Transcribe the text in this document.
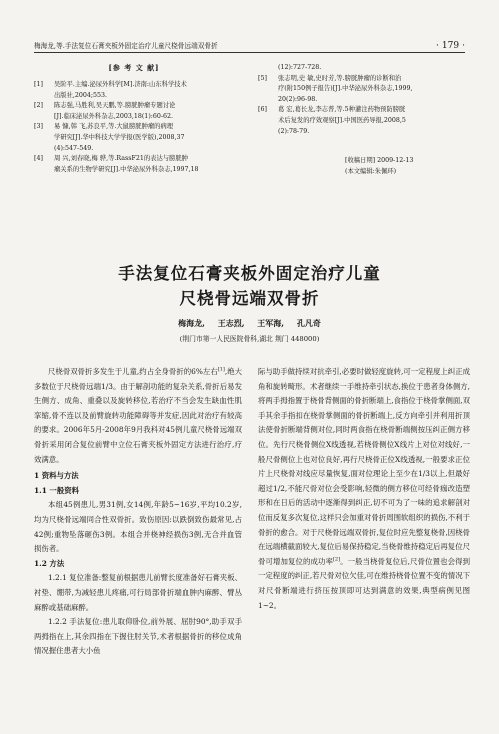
梅海龙,等.手法复位石膏夹板外固定治疗儿童尺桡骨远端双骨折	· 179 ·
[参 考 文 献]
[1]	吴阶平.主编.泌尿外科学[M].济南:山东科学技术
出版社,2004;553.
[2]	陈志强,马胜利,吴天鹏,等.膀胱肿瘤专题讨论
[J].临床泌尿外科杂志,2003,18(1):60-62.
[3]	易 慷,韩 飞,苏良平,等.大鼠膀胱肿瘤的病理
学研究[J].华中科技大学学报(医学版),2008,37
(4):547-549.
[4]	周 兴,刘春晓,梅 骅,等.RassF21的表达与膀胱肿
瘤关系的生物学研究[J].中华泌尿外科杂志,1997,18
(12):727-728.
[5]	张志明,史 敏,史时芳,等.膀胱肿瘤的诊断和治
疗(附150例子报告)[J].中华泌尿外科杂志,1999,
20(2):96-98.
[6]	葛 宏,葛长龙,李志普,等.5种灌注药物预防膀胱
术后复发的疗效观察[J].中国医药导报,2008,5
(2):78-79.
[收稿日期] 2009-12-13
(本文编辑:朱佩环)
手法复位石膏夹板外固定治疗儿童
尺桡骨远端双骨折
梅海龙, 王志烈, 王军海, 孔凡奇
(荆门市第一人民医院骨科,湖北 荆门 448000)

尺桡骨双骨折多发生于儿童,约占全身骨折的6%左右[1],绝大多数位于尺桡骨远端1/3。由于解剖功能的复杂关系,骨折后易发生侧方、成角、重叠以及旋转移位,若治疗不当会发生缺血性肌挛缩,骨不连以及前臂旋转功能障碍等并发症,因此对治疗有较高的要求。2006年5月-2008年9月我科对45例儿童尺桡骨远端双骨折采用闭合复位前臂中立位石膏夹板外固定方法进行治疗,疗效满意。

1 资料与方法

1.1 一般资料

本组45例患儿,男31例,女14例,年龄5~16岁,平均10.2岁,均为尺桡骨远端同合性双骨折。致伤原因:以跌倒致伤最常见,占42例;重物坠落砸伤3例。本组合并桡神经损伤3例,无合并血管损伤者。

1.2 方法

1.2.1 复位准备:整复前根据患儿前臂长度准备好石膏夹板、衬垫、绷带,为减轻患儿疼痛,可行局部骨折端血肿内麻醉、臂丛麻醉或基础麻醉。

1.2.2 手法复位:患儿取仰卧位,前外展、屈肘90°,助手双手两拇指在上,其余四指在下握住肘关节,术者根据骨折的移位成角情况握住患者大小鱼

际与助手做持续对抗牵引,必要时做轻度旋转,可一定程度上纠正成角和旋转畸形。术者继续一手维持牵引状态,换位于患者身体侧方,将两手拇指置于桡骨背侧面的骨折断端上,食指位于桡骨掌侧面,双手其余手指扣在桡骨掌侧面的骨折断端上,反方向牵引并利用折顶法使骨折断端背侧对位,同时两食指在桡骨断端侧按压纠正侧方移位。先行尺桡骨侧位X线透视,若桡骨侧位X线片上对位对线好,一般尺骨侧位上也对位良好,再行尺桡骨正位X线透视,一般要求正位片上尺桡骨对线应尽量恢复,面对位理论上至少在1/3以上,但最好超过1/2,不能尺骨对位会受影响,轻微的侧方移位可经骨痂改造塑形和在日后的活动中逐渐得到纠正,切不可为了一味的追求解剖对位而反复多次复位,这样只会加重对骨折周围软组织的损伤,不利于骨折的愈合。对于尺桡骨远端双骨折,复位时应先整复桡骨,因桡骨在远端横截面较大,复位后易保持稳定,当桡骨维持稳定后再复位尺骨可增加复位的成功率[2]。一般当桡骨复位后,尺骨位置也会得到一定程度的纠正,若尺骨对位欠佳,可在维持桡骨位置不变的情况下对尺骨断端进行挤压按顶即可达到满意的效果,典型病例见图1~2。
